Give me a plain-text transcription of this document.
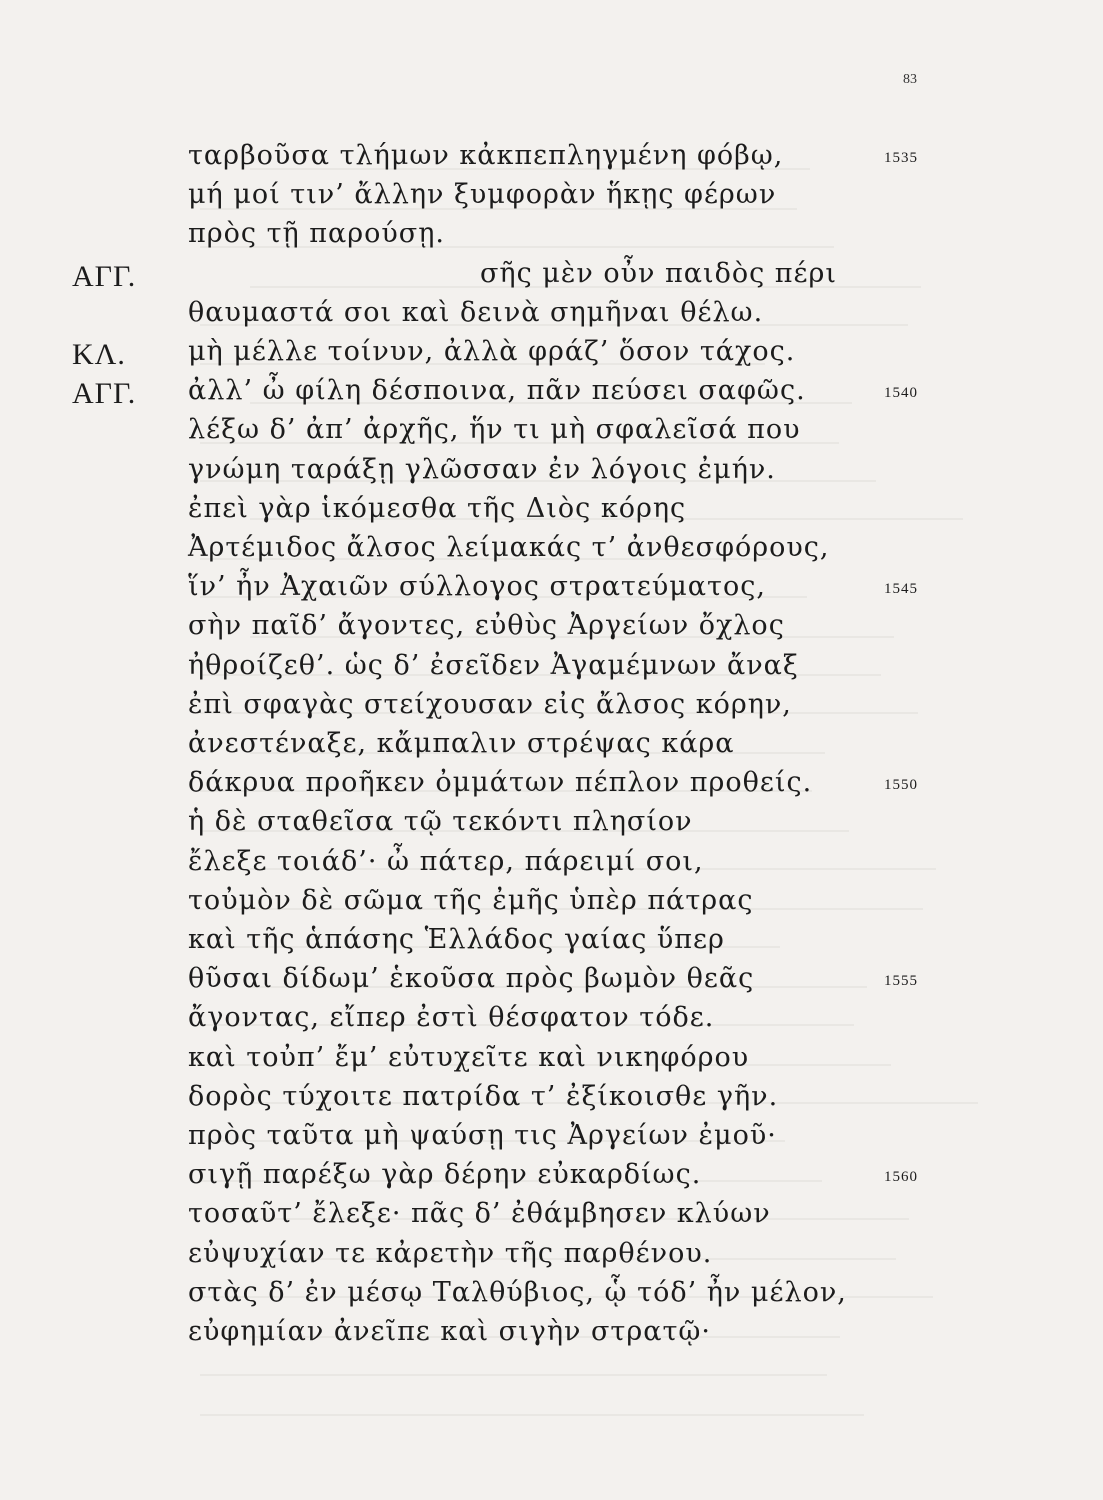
83
ταρβοῦσα τλήμων κἀκπεπληγμένη φόβῳ,	1535
μή μοί τιν’ ἄλλην ξυμφορὰν ἥκῃς φέρων
πρὸς τῇ παρούσῃ.
ΑΓΓ.	σῆς μὲν οὖν παιδὸς πέρι
θαυμαστά σοι καὶ δεινὰ σημῆναι θέλω.
ΚΛ. μὴ μέλλε τοίνυν, ἀλλὰ φράζ’ ὅσον τάχος.
ΑΓΓ. ἀλλ’ ὦ φίλη δέσποινα, πᾶν πεύσει σαφῶς.	1540
λέξω δ’ ἀπ’ ἀρχῆς, ἥν τι μὴ σφαλεῖσά που
γνώμη ταράξῃ γλῶσσαν ἐν λόγοις ἐμήν.
ἐπεὶ γὰρ ἱκόμεσθα τῆς Διὸς κόρης
Ἀρτέμιδος ἄλσος λείμακάς τ’ ἀνθεσφόρους,
ἵν’ ἦν Ἀχαιῶν σύλλογος στρατεύματος,	1545
σὴν παῖδ’ ἄγοντες, εὐθὺς Ἀργείων ὄχλος
ἠθροίζεθ’. ὡς δ’ ἐσεῖδεν Ἀγαμέμνων ἄναξ
ἐπὶ σφαγὰς στείχουσαν εἰς ἄλσος κόρην,
ἀνεστέναξε, κἄμπαλιν στρέψας κάρα
δάκρυα προῆκεν ὀμμάτων πέπλον προθείς.	1550
ἡ δὲ σταθεῖσα τῷ τεκόντι πλησίον
ἔλεξε τοιάδ’· ὦ πάτερ, πάρειμί σοι,
τοὐμὸν δὲ σῶμα τῆς ἐμῆς ὑπὲρ πάτρας
καὶ τῆς ἁπάσης Ἑλλάδος γαίας ὕπερ
θῦσαι δίδωμ’ ἑκοῦσα πρὸς βωμὸν θεᾶς	1555
ἄγοντας, εἴπερ ἐστὶ θέσφατον τόδε.
καὶ τοὐπ’ ἔμ’ εὐτυχεῖτε καὶ νικηφόρου
δορὸς τύχοιτε πατρίδα τ’ ἐξίκοισθε γῆν.
πρὸς ταῦτα μὴ ψαύσῃ τις Ἀργείων ἐμοῦ·
σιγῇ παρέξω γὰρ δέρην εὐκαρδίως.	1560
τοσαῦτ’ ἔλεξε· πᾶς δ’ ἐθάμβησεν κλύων
εὐψυχίαν τε κἀρετὴν τῆς παρθένου.
στὰς δ’ ἐν μέσῳ Ταλθύβιος, ᾧ τόδ’ ἦν μέλον,
εὐφημίαν ἀνεῖπε καὶ σιγὴν στρατῷ·
